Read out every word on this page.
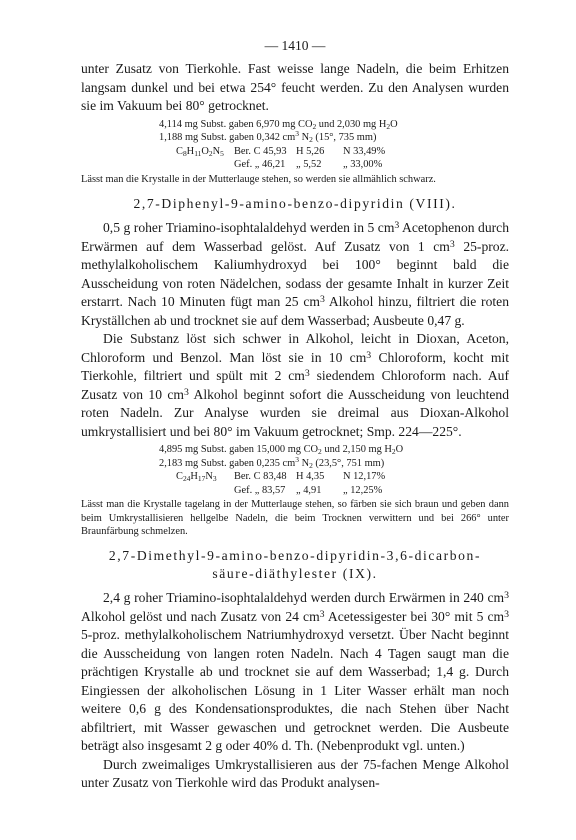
— 1410 —

unter Zusatz von Tierkohle. Fast weisse lange Nadeln, die beim Erhitzen langsam dunkel und bei etwa 254° feucht werden. Zu den Analysen wurden sie im Vakuum bei 80° getrocknet.

4,114 mg Subst. gaben 6,970 mg $CO_2$ und 2,030 mg $H_2O$
1,188 mg Subst. gaben 0,342 $cm^3$ $N_2$ (15°, 735 mm)
$C_8H_{11}O_2N_5$ Ber. C 45,93 H 5,26 N 33,49%
Gef. „ 46,21 „ 5,52 „ 33,00%

Lässt man die Krystalle in der Mutterlauge stehen, so werden sie allmählich schwarz.

2,7-Diphenyl-9-amino-benzo-dipyridin (VIII).

0,5 g roher Triamino-isophtalaldehyd werden in 5 $cm^3$ Acetophenon durch Erwärmen auf dem Wasserbad gelöst. Auf Zusatz von 1 $cm^3$ 25-proz. methylalkoholischem Kaliumhydroxyd bei 100° beginnt bald die Ausscheidung von roten Nädelchen, sodass der gesamte Inhalt in kurzer Zeit erstarrt. Nach 10 Minuten fügt man 25 $cm^3$ Alkohol hinzu, filtriert die roten Kryställchen ab und trocknet sie auf dem Wasserbad; Ausbeute 0,47 g.

Die Substanz löst sich schwer in Alkohol, leicht in Dioxan, Aceton, Chloroform und Benzol. Man löst sie in 10 $cm^3$ Chloroform, kocht mit Tierkohle, filtriert und spült mit 2 $cm^3$ siedendem Chloroform nach. Auf Zusatz von 10 $cm^3$ Alkohol beginnt sofort die Ausscheidung von leuchtend roten Nadeln. Zur Analyse wurden sie dreimal aus Dioxan-Alkohol umkrystallisiert und bei 80° im Vakuum getrocknet; Smp. 224—225°.

4,895 mg Subst. gaben 15,000 mg $CO_2$ und 2,150 mg $H_2O$
2,183 mg Subst. gaben 0,235 $cm^3$ $N_2$ (23,5°, 751 mm)
$C_{24}H_{17}N_3$ Ber. C 83,48 H 4,35 N 12,17%
Gef. „ 83,57 „ 4,91 „ 12,25%

Lässt man die Krystalle tagelang in der Mutterlauge stehen, so färben sie sich braun und geben dann beim Umkrystallisieren hellgelbe Nadeln, die beim Trocknen verwittern und bei 266° unter Braunfärbung schmelzen.

2,7-Dimethyl-9-amino-benzo-dipyridin-3,6-dicarbon-
säure-diäthylester (IX).

2,4 g roher Triamino-isophtalaldehyd werden durch Erwärmen in 240 $cm^3$ Alkohol gelöst und nach Zusatz von 24 $cm^3$ Acetessigester bei 30° mit 5 $cm^3$ 5-proz. methylalkoholischem Natriumhydroxyd versetzt. Über Nacht beginnt die Ausscheidung von langen roten Nadeln. Nach 4 Tagen saugt man die prächtigen Krystalle ab und trocknet sie auf dem Wasserbad; 1,4 g. Durch Eingiessen der alkoholischen Lösung in 1 Liter Wasser erhält man noch weitere 0,6 g des Kondensationsproduktes, die nach Stehen über Nacht abfiltriert, mit Wasser gewaschen und getrocknet werden. Die Ausbeute beträgt also insgesamt 2 g oder 40% d. Th. (Nebenprodukt vgl. unten.)

Durch zweimaliges Umkrystallisieren aus der 75-fachen Menge Alkohol unter Zusatz von Tierkohle wird das Produkt analysen-
